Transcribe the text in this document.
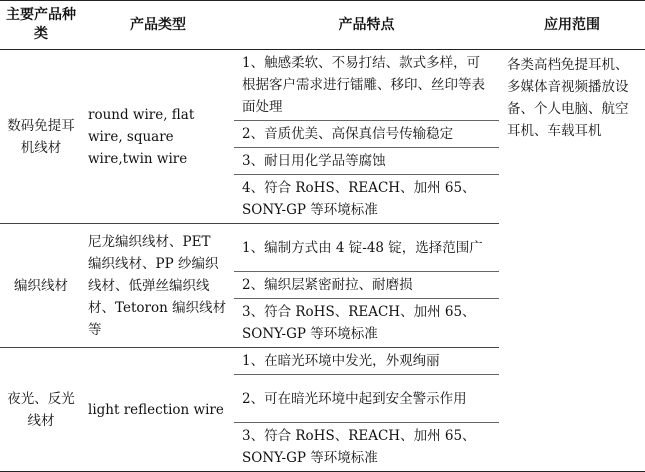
主要产品种类	产品类型	产品特点	应用范围
数码免提耳机线材	round wire, flat wire, square wire,twin wire	1、触感柔软、不易打结、款式多样，可根据客户需求进行镭雕、移印、丝印等表面处理	各类高档免提耳机、多媒体音视频播放设备、个人电脑、航空耳机、车载耳机
		2、音质优美、高保真信号传输稳定	
		3、耐日用化学品等腐蚀	
		4、符合 RoHS、REACH、加州 65、SONY-GP 等环境标准	
编织线材	尼龙编织线材、PET 编织线材、PP 纱编织线材、低弹丝编织线材、Tetoron 编织线材等	1、编制方式由 4 锭-48 锭，选择范围广	
		2、编织层紧密耐拉、耐磨损	
		3、符合 RoHS、REACH、加州 65、SONY-GP 等环境标准	
夜光、反光线材	light reflection wire	1、在暗光环境中发光，外观绚丽	
		2、可在暗光环境中起到安全警示作用	
		3、符合 RoHS、REACH、加州 65、SONY-GP 等环境标准	
